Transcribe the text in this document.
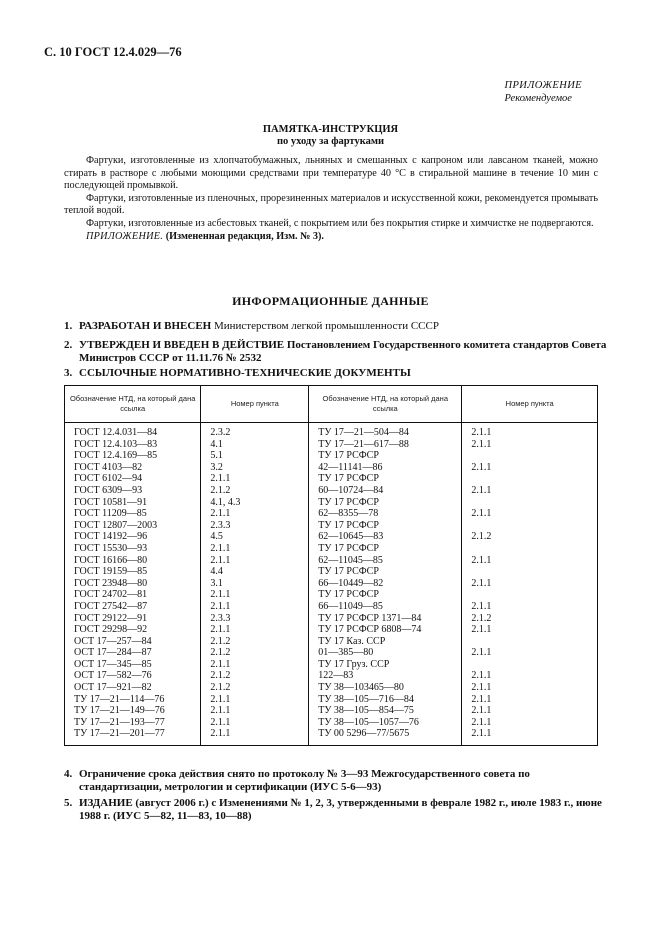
С. 10 ГОСТ 12.4.029—76
ПРИЛОЖЕНИЕ
Рекомендуемое
ПАМЯТКА-ИНСТРУКЦИЯ
по уходу за фартуками

Фартуки, изготовленные из хлопчатобумажных, льняных и смешанных с капроном или лавсаном тканей, можно стирать в растворе с любыми моющими средствами при температуре 40 °С в стиральной машине в течение 10 мин с последующей промывкой.

Фартуки, изготовленные из пленочных, прорезиненных материалов и искусственной кожи, рекомендуется промывать теплой водой.

Фартуки, изготовленные из асбестовых тканей, с покрытием или без покрытия стирке и химчистке не подвергаются.

ПРИЛОЖЕНИЕ. (Измененная редакция, Изм. № 3).

ИНФОРМАЦИОННЫЕ ДАННЫЕ
1. РАЗРАБОТАН И ВНЕСЕН Министерством легкой промышленности СССР
2. УТВЕРЖДЕН И ВВЕДЕН В ДЕЙСТВИЕ Постановлением Государственного комитета стандартов Совета Министров СССР от 11.11.76 № 2532
3. ССЫЛОЧНЫЕ НОРМАТИВНО-ТЕХНИЧЕСКИЕ ДОКУМЕНТЫ
Обозначение НТД, на который дана ссылка	Номер пункта	Обозначение НТД, на который дана ссылка	Номер пункта
ГОСТ 12.4.031—84	2.3.2	ТУ 17—21—504—84	2.1.1
ГОСТ 12.4.103—83	4.1	ТУ 17—21—617—88	2.1.1
ГОСТ 12.4.169—85	5.1	ТУ 17 РСФСР	
ГОСТ 4103—82	3.2	42—11141—86	2.1.1
ГОСТ 6102—94	2.1.1	ТУ 17 РСФСР	
ГОСТ 6309—93	2.1.2	60—10724—84	2.1.1
ГОСТ 10581—91	4.1, 4.3	ТУ 17 РСФСР	
ГОСТ 11209—85	2.1.1	62—8355—78	2.1.1
ГОСТ 12807—2003	2.3.3	ТУ 17 РСФСР	
ГОСТ 14192—96	4.5	62—10645—83	2.1.2
ГОСТ 15530—93	2.1.1	ТУ 17 РСФСР	
ГОСТ 16166—80	2.1.1	62—11045—85	2.1.1
ГОСТ 19159—85	4.4	ТУ 17 РСФСР	
ГОСТ 23948—80	3.1	66—10449—82	2.1.1
ГОСТ 24702—81	2.1.1	ТУ 17 РСФСР	
ГОСТ 27542—87	2.1.1	66—11049—85	2.1.1
ГОСТ 29122—91	2.3.3	ТУ 17 РСФСР 1371—84	2.1.2
ГОСТ 29298—92	2.1.1	ТУ 17 РСФСР 6808—74	2.1.1
ОСТ 17—257—84	2.1.2	ТУ 17 Каз. ССР	
ОСТ 17—284—87	2.1.2	01—385—80	2.1.1
ОСТ 17—345—85	2.1.1	ТУ 17 Груз. ССР	
ОСТ 17—582—76	2.1.2	122—83	2.1.1
ОСТ 17—921—82	2.1.2	ТУ 38—103465—80	2.1.1
ТУ 17—21—114—76	2.1.1	ТУ 38—105—716—84	2.1.1
ТУ 17—21—149—76	2.1.1	ТУ 38—105—854—75	2.1.1
ТУ 17—21—193—77	2.1.1	ТУ 38—105—1057—76	2.1.1
ТУ 17—21—201—77	2.1.1	ТУ 00 5296—77/5675	2.1.1
4. Ограничение срока действия снято по протоколу № 3—93 Межгосударственного совета по стандартизации, метрологии и сертификации (ИУС 5-6—93)
5. ИЗДАНИЕ (август 2006 г.) с Изменениями № 1, 2, 3, утвержденными в феврале 1982 г., июле 1983 г., июне 1988 г. (ИУС 5—82, 11—83, 10—88)
